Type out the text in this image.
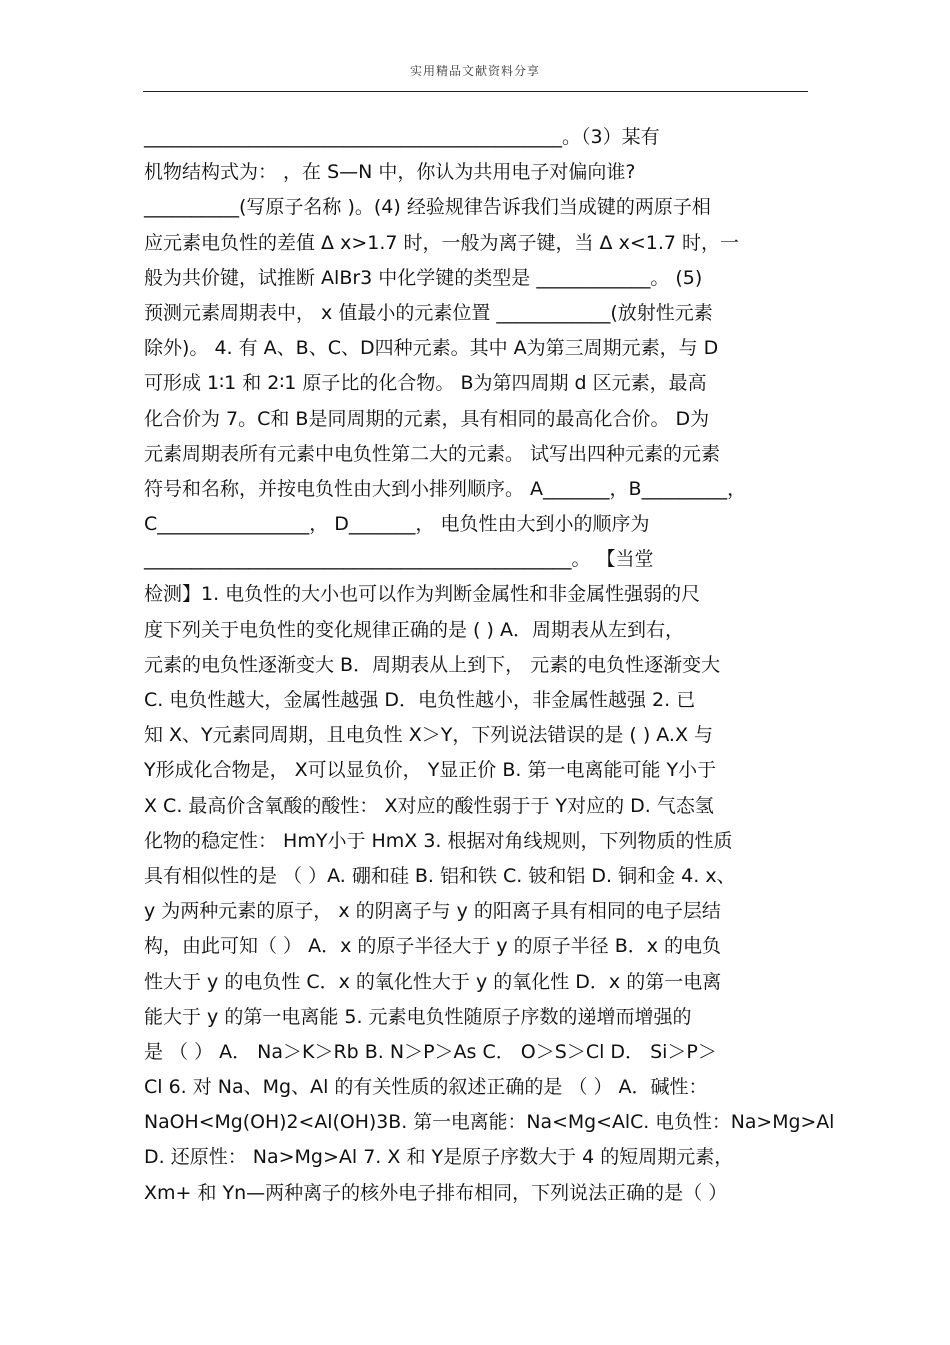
实用精品文献资料分享
____________________________________________。（3）某有
机物结构式为： ，在 S—N 中，你认为共用电子对偏向谁?
__________(写原子名称 )。(4) 经验规律告诉我们当成键的两原子相
应元素电负性的差值 Δ x>1.7 时，一般为离子键，当 Δ x<1.7 时，一
般为共价键，试推断 AlBr3 中化学键的类型是 ____________。 (5)
预测元素周期表中， x 值最小的元素位置 ____________(放射性元素
除外)。 4. 有 A、B、C、D四种元素。其中 A为第三周期元素，与 D
可形成 1∶1 和 2∶1 原子比的化合物。 B为第四周期 d 区元素，最高
化合价为 7。C和 B是同周期的元素，具有相同的最高化合价。 D为
元素周期表所有元素中电负性第二大的元素。 试写出四种元素的元素
符号和名称，并按电负性由大到小排列顺序。 A_______，B_________，
C________________， D_______， 电负性由大到小的顺序为
_____________________________________________。 【当堂
检测】1. 电负性的大小也可以作为判断金属性和非金属性强弱的尺
度下列关于电负性的变化规律正确的是 ( ) A．周期表从左到右，
元素的电负性逐渐变大 B．周期表从上到下， 元素的电负性逐渐变大
C. 电负性越大，金属性越强 D．电负性越小，非金属性越强 2. 已
知 X、Y元素同周期，且电负性 X＞Y，下列说法错误的是 ( ) A.X 与
Y形成化合物是， X可以显负价， Y显正价 B. 第一电离能可能 Y小于
X C. 最高价含氧酸的酸性： X对应的酸性弱于于 Y对应的 D. 气态氢
化物的稳定性： HmY小于 HmX 3. 根据对角线规则，下列物质的性质
具有相似性的是 （ ）A. 硼和硅 B. 铝和铁 C. 铍和铝 D. 铜和金 4. x、
y 为两种元素的原子， x 的阴离子与 y 的阳离子具有相同的电子层结
构，由此可知（ ） A．x 的原子半径大于 y 的原子半径 B．x 的电负
性大于 y 的电负性 C．x 的氧化性大于 y 的氧化性 D．x 的第一电离
能大于 y 的第一电离能 5. 元素电负性随原子序数的递增而增强的
是 （ ） A． Na＞K＞Rb B. N＞P＞As C． O＞S＞Cl D． Si＞P＞
Cl 6. 对 Na、Mg、Al 的有关性质的叙述正确的是 （ ） A．碱性：
NaOH<Mg(OH)2<Al(OH)3B. 第一电离能：Na<Mg<AlC. 电负性：Na>Mg>Al
D. 还原性： Na>Mg>Al 7. X 和 Y是原子序数大于 4 的短周期元素，
Xm+ 和 Yn—两种离子的核外电子排布相同，下列说法正确的是（ ）
